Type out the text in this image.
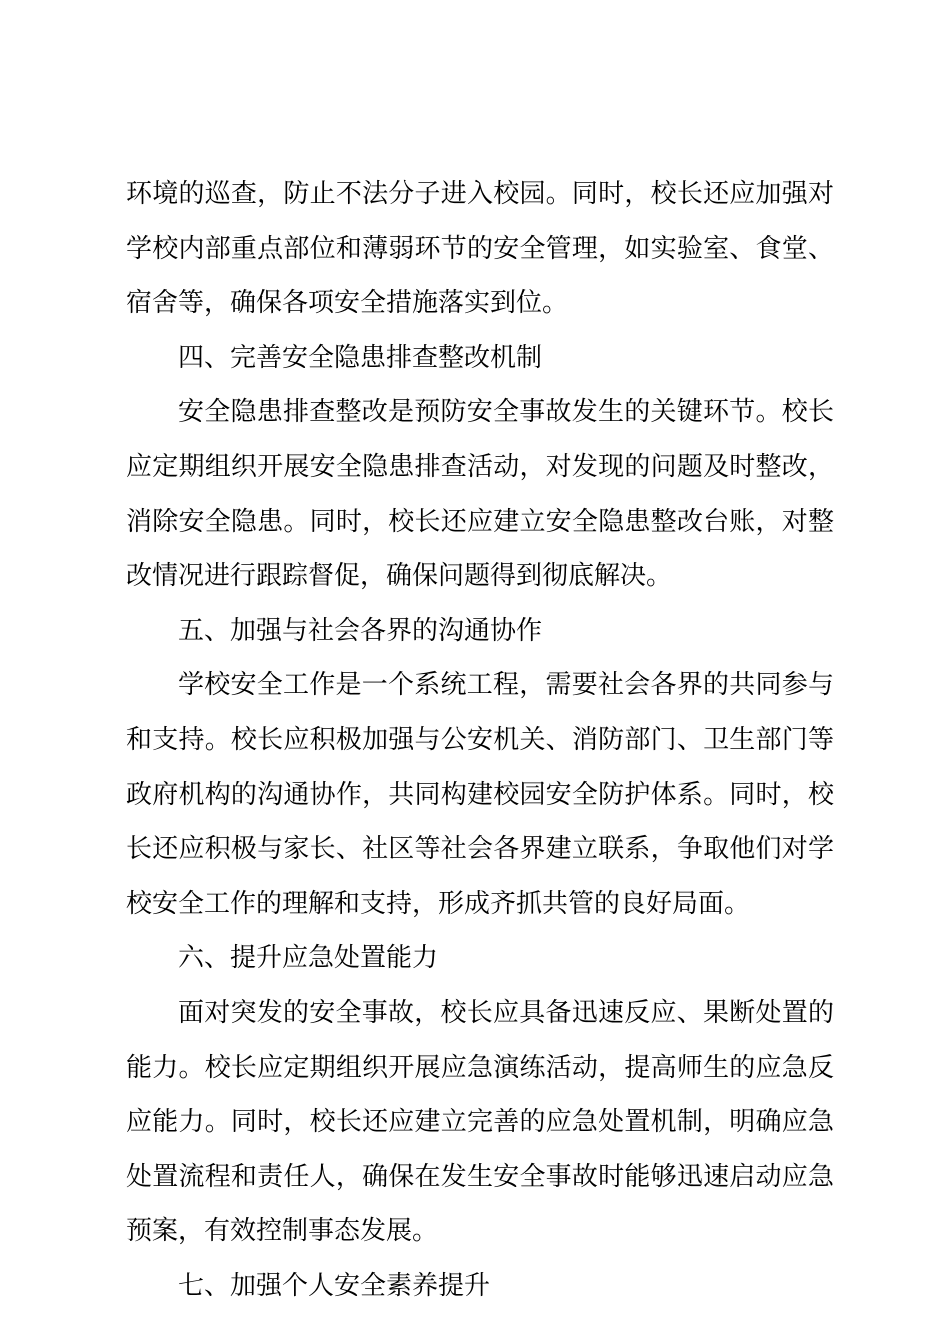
环境的巡查，防止不法分子进入校园。同时，校长还应加强对学校内部重点部位和薄弱环节的安全管理，如实验室、食堂、宿舍等，确保各项安全措施落实到位。

四、完善安全隐患排查整改机制

安全隐患排查整改是预防安全事故发生的关键环节。校长应定期组织开展安全隐患排查活动，对发现的问题及时整改，消除安全隐患。同时，校长还应建立安全隐患整改台账，对整改情况进行跟踪督促，确保问题得到彻底解决。

五、加强与社会各界的沟通协作

学校安全工作是一个系统工程，需要社会各界的共同参与和支持。校长应积极加强与公安机关、消防部门、卫生部门等政府机构的沟通协作，共同构建校园安全防护体系。同时，校长还应积极与家长、社区等社会各界建立联系，争取他们对学校安全工作的理解和支持，形成齐抓共管的良好局面。

六、提升应急处置能力

面对突发的安全事故，校长应具备迅速反应、果断处置的能力。校长应定期组织开展应急演练活动，提高师生的应急反应能力。同时，校长还应建立完善的应急处置机制，明确应急处置流程和责任人，确保在发生安全事故时能够迅速启动应急预案，有效控制事态发展。

七、加强个人安全素养提升
